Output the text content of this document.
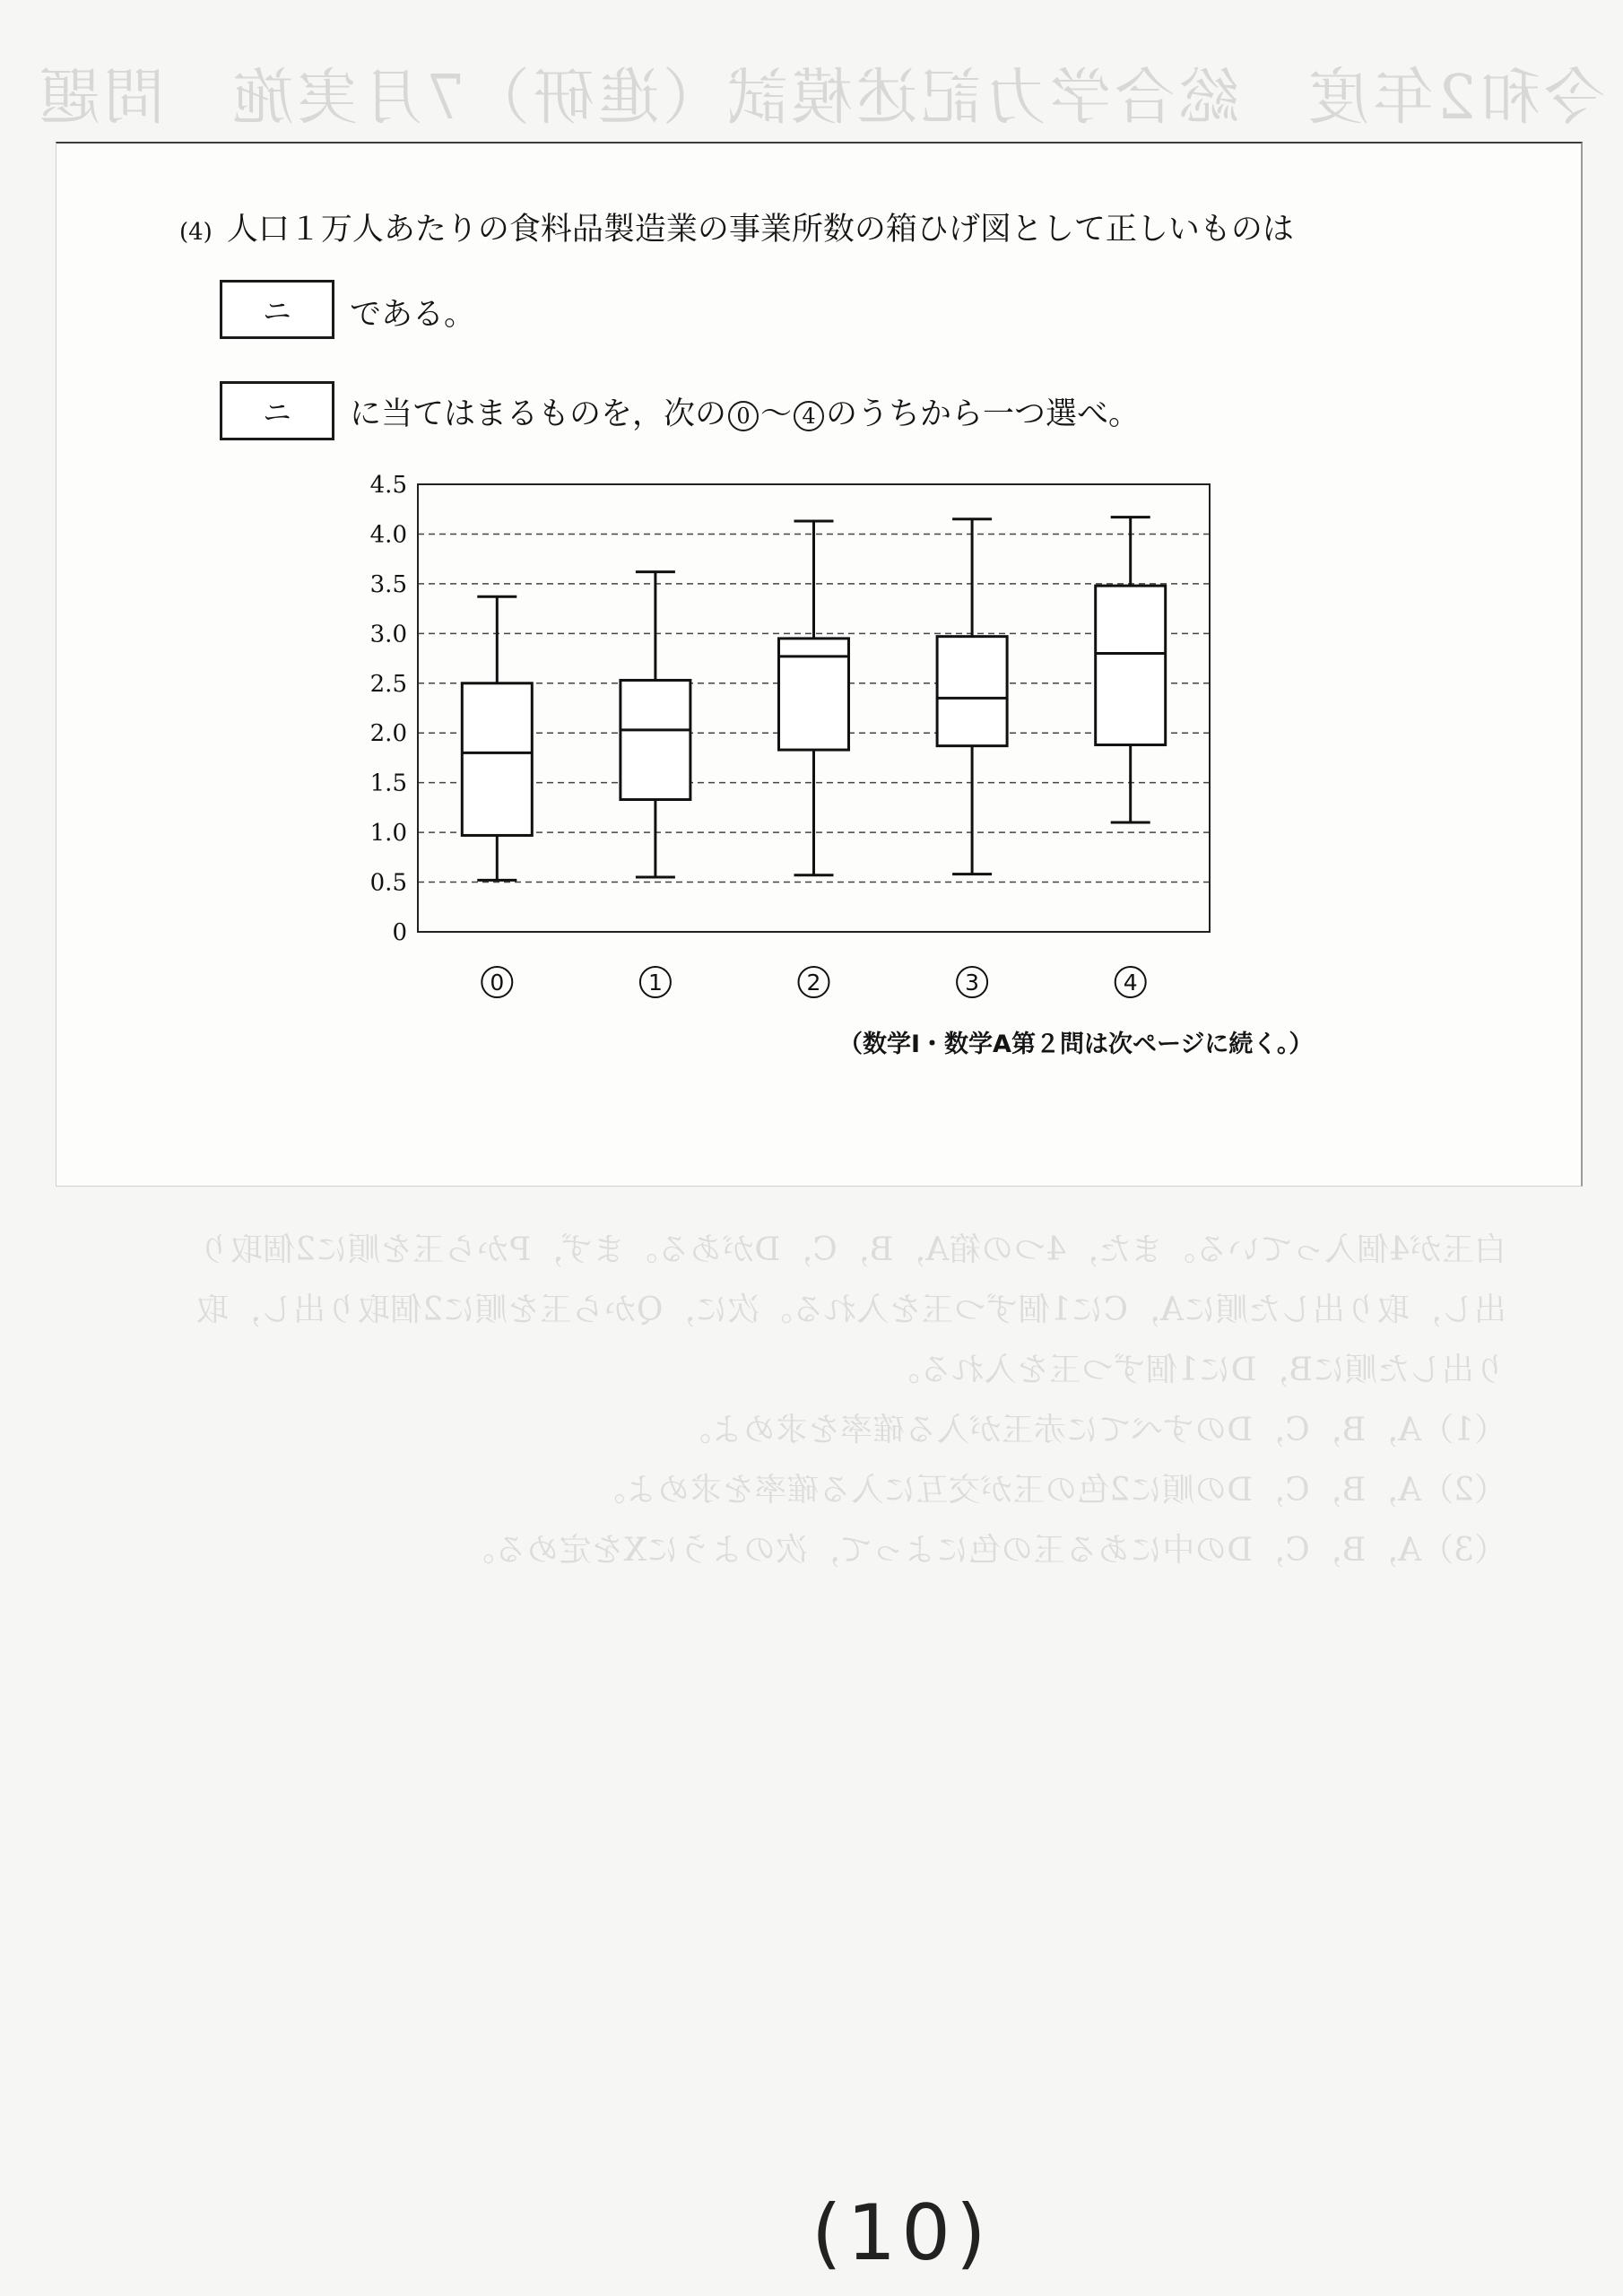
令和2年度　総合学力記述模試（進研）7月実施　問題
白玉が4個入っている。また，4つの箱A，B，C，Dがある。まず，Pから玉を順に2個取り
出し，取り出した順にA，Cに1個ずつ玉を入れる。次に，Qから玉を順に2個取り出し，取
り出した順にB，Dに1個ずつ玉を入れる。
（1）A，B，C，Dのすべてに赤玉が入る確率を求めよ。
（2）A，B，C，Dの順に2色の玉が交互に入る確率を求めよ。
（3）A，B，C，Dの中にある玉の色によって，次のようにXを定める。
(4) 人口１万人あたりの食料品製造業の事業所数の箱ひげ図として正しいものは
ニ	である。
ニ	に当てはまるものを，次の 0 ～ 4 のうちから一つ選べ。
0
0.5
1.0
1.5
2.0
2.5
3.0
3.5
4.0
4.5
0	1	2	3	4
（数学Ⅰ・数学A第２問は次ページに続く。）
(10)
